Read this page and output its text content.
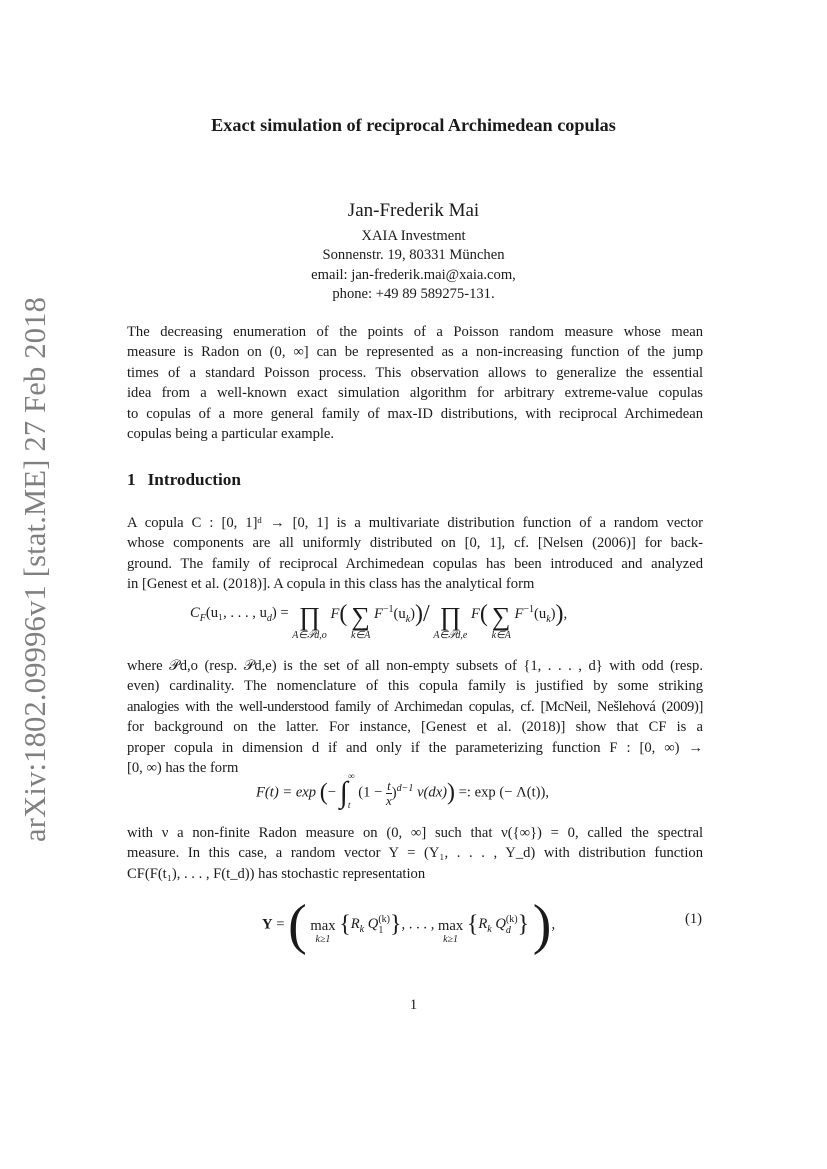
arXiv:1802.09996v1 [stat.ME] 27 Feb 2018
Exact simulation of reciprocal Archimedean copulas
Jan-Frederik Mai
XAIA Investment
Sonnenstr. 19, 80331 München
email: jan-frederik.mai@xaia.com,
phone: +49 89 589275-131.
The decreasing enumeration of the points of a Poisson random measure whose mean
measure is Radon on (0, ∞] can be represented as a non-increasing function of the jump
times of a standard Poisson process. This observation allows to generalize the essential
idea from a well-known exact simulation algorithm for arbitrary extreme-value copulas
to copulas of a more general family of max-ID distributions, with reciprocal Archimedean
copulas being a particular example.
1 Introduction
A copula C : [0, 1]ᵈ → [0, 1] is a multivariate distribution function of a random vector
whose components are all uniformly distributed on [0, 1], cf. [Nelsen (2006)] for back-
ground. The family of reciprocal Archimedean copulas has been introduced and analyzed
in [Genest et al. (2018)]. A copula in this class has the analytical form
$C_F(u_1$, . . . , $u_d$) = ∏
A∈𝒫d,o
F( ∑
k∈A
$F^{-1}(u_k))/$ ∏
A∈𝒫d,e
F( ∑
k∈A
$F^{-1}(u_k)$),
where 𝒫d,o (resp. 𝒫d,e) is the set of all non-empty subsets of {1, . . . , d} with odd (resp.
even) cardinality. The nomenclature of this copula family is justified by some striking
analogies with the well-understood family of Archimedan copulas, cf. [McNeil, Nešlehová (2009)]
for background on the latter. For instance, [Genest et al. (2018)] show that CF is a
proper copula in dimension d if and only if the parameterizing function F : [0, ∞) →
[0, ∞) has the form
F(t) = exp (− ∫ ∞
t
$(1 - \frac{t}{x} )^{d-1}$ ν(dx)) =: exp (− Λ(t)),
with ν a non-finite Radon measure on (0, ∞] such that ν({∞}) = 0, called the spectral
measure. In this case, a random vector Y = (Y₁, . . . , Y_d) with distribution function
CF(F(t₁), . . . , F(t_d)) has stochastic representation
Y = ( max
k≥1
{$R_k$ Q (k)
1 }, . . . , max
k≥1
{$R_k$ Q (k)
d } ),	(1)
1
